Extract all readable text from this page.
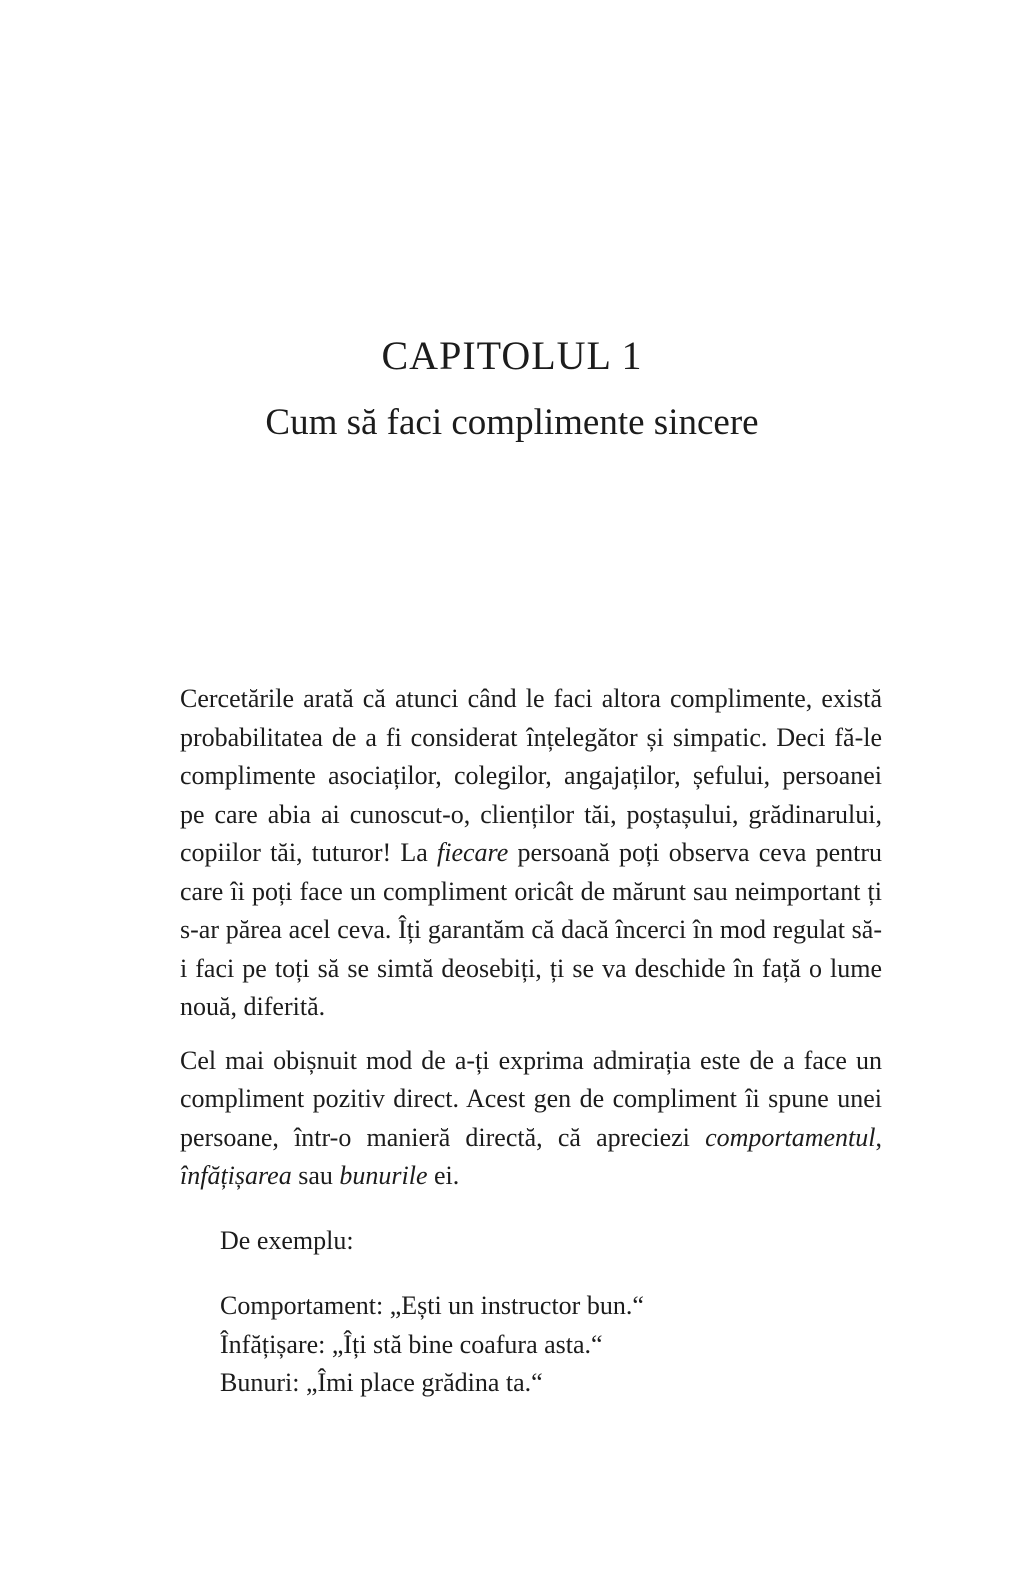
CAPITOLUL 1
Cum să faci complimente sincere

Cercetările arată că atunci când le faci altora complimente, există probabilitatea de a fi considerat înțelegător și simpatic. Deci fă-le complimente asociaților, colegilor, angajaților, șefului, persoanei pe care abia ai cunoscut-o, clienților tăi, poștașului, grădinarului, copiilor tăi, tuturor! La fiecare persoană poți observa ceva pentru care îi poți face un compliment oricât de mărunt sau neimportant ți s-ar părea acel ceva. Îți garantăm că dacă încerci în mod regulat să-i faci pe toți să se simtă deosebiți, ți se va deschide în față o lume nouă, diferită.

Cel mai obișnuit mod de a-ți exprima admirația este de a face un compliment pozitiv direct. Acest gen de compliment îi spune unei persoane, într-o manieră directă, că apreciezi comportamentul, înfățișarea sau bunurile ei.

De exemplu:

Comportament: „Ești un instructor bun.“
Înfățișare: „Îți stă bine coafura asta.“
Bunuri: „Îmi place grădina ta.“
